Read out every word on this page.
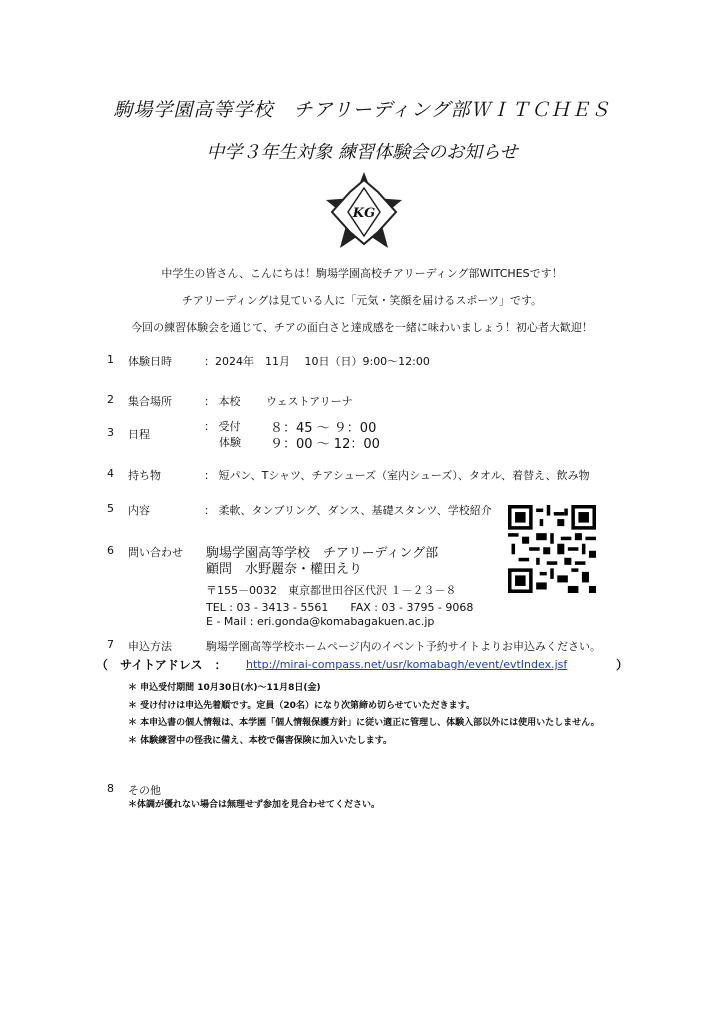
駒場学園高等学校　チアリーディング部ＷＩＴＣＨＥＳ
中学３年生対象 練習体験会のお知らせ
KG
中学生の皆さん、こんにちは！駒場学園高校チアリーディング部WITCHESです！
チアリーディングは見ている人に「元気・笑顔を届けるスポーツ」です。
今回の練習体験会を通じて、チアの面白さと達成感を一緒に味わいましょう！初心者大歓迎！
1 体験日時	：2024年　11月　 10日（日）9:00～12:00
2 集合場所	： 本校　　 ウェストアリーナ
3 日程
： 受付 ８：45 ～ ９：00
体験 ９：00 ～ 12：00
4 持ち物	： 短パン、Tシャツ、チアシューズ（室内シューズ）、タオル、着替え、飲み物
5 内容	： 柔軟、タンブリング、ダンス、基礎スタンツ、学校紹介
6 問い合わせ 駒場学園高等学校　チアリーディング部
顧問　水野麗奈・權田えり
〒155－0032　東京都世田谷区代沢 １－２３－８
TEL : 03 - 3413 - 5561　　FAX : 03 - 3795 - 9068
E - Mail : eri.gonda@komabagakuen.ac.jp
7 申込方法	駒場学園高等学校ホームページ内のイベント予約サイトよりお申込みください。
（　サイトアドレス　： http://mirai-compass.net/usr/komabagh/event/evtIndex.jsf	）
＊ 申込受付期間 10月30日(水)～11月8日(金)
＊ 受け付けは申込先着順です。定員（20名）になり次第締め切らせていただきます。
＊ 本申込書の個人情報は、本学園「個人情報保護方針」に従い適正に管理し、体験入部以外には使用いたしません。
＊ 体験練習中の怪我に備え、本校で傷害保険に加入いたします。
8 その他
＊体調が優れない場合は無理せず参加を見合わせてください。
